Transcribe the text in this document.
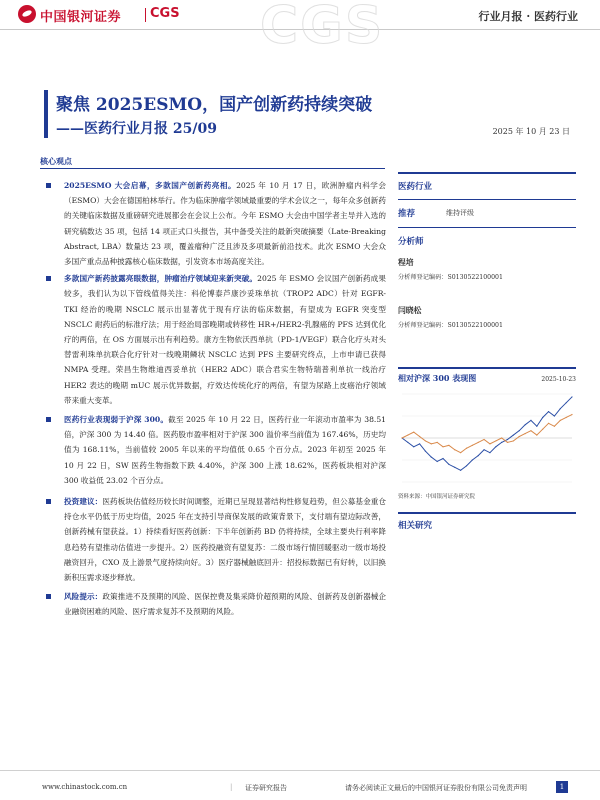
中国银河证券 CGS CGS	行业月报 · 医药行业
聚焦 2025ESMO，国产创新药持续突破
——医药行业月报 25/09	2025 年 10 月 23 日
核心观点
2025ESMO 大会启幕，多款国产创新药亮相。2025 年 10 月 17 日，欧洲肿瘤内科学会（ESMO）大会在德国柏林举行。作为临床肿瘤学领域最重要的学术会议之一，每年众多创新药的关键临床数据及重磅研究进展都会在会议上公布。今年 ESMO 大会由中国学者主导并入选的研究稿数达 35 项，包括 14 项正式口头报告，其中备受关注的最新突破摘要（Late-Breaking Abstract, LBA）数量达 23 项，覆盖瘤种广泛且涉及多项最新前沿技术。此次 ESMO 大会众多国产重点品种披露核心临床数据，引发资本市场高度关注。
多款国产新药披露亮眼数据，肿瘤治疗领域迎来新突破。2025 年 ESMO 会议国产创新药成果较多，我们认为以下管线值得关注：科伦博泰芦康沙妥珠单抗（TROP2 ADC）针对 EGFR-TKI 经治的晚期 NSCLC 展示出显著优于现有疗法的临床数据，有望成为 EGFR 突变型 NSCLC 耐药后的标准疗法；用于经治局部晚期或转移性 HR+/HER2-乳腺癌的 PFS 达到优化疗的两倍，在 OS 方面展示出有利趋势。康方生物依沃西单抗（PD-1/VEGF）联合化疗头对头替雷利珠单抗联合化疗针对一线晚期鳞状 NSCLC 达到 PFS 主要研究终点，上市申请已获得 NMPA 受理。荣昌生物维迪西妥单抗（HER2 ADC）联合君实生物特瑞普利单抗一线治疗 HER2 表达的晚期 mUC 展示优异数据，疗效达传统化疗的两倍，有望为尿路上皮癌治疗领域带来重大变革。
医药行业表现弱于沪深 300。截至 2025 年 10 月 22 日，医药行业一年滚动市盈率为 38.51 倍，沪深 300 为 14.40 倍。医药股市盈率相对于沪深 300 溢价率当前值为 167.46%，历史均值为 168.11%，当前值较 2005 年以来的平均值低 0.65 个百分点。2023 年初至 2025 年 10 月 22 日，SW 医药生物指数下跌 4.40%，沪深 300 上涨 18.62%，医药板块相对沪深 300 收益低 23.02 个百分点。
投资建议：医药板块估值经历较长时间调整，近期已呈现显著结构性修复趋势，但公募基金重仓持仓水平仍低于历史均值，2025 年在支持引导商保发展的政策背景下，支付端有望边际改善，创新药械有望获益。1）持续看好医药创新：下半年创新药 BD 仍将持续，全球主要央行利率降息趋势有望推动估值进一步提升。2）医药投融资有望复苏：二级市场行情回暖驱动一级市场投融资回升，CXO 及上游景气度持续向好。3）医疗器械触底回升：招投标数据已有好转，以旧换新积压需求逐步释放。
风险提示：政策推进不及预期的风险、医保控费及集采降价超预期的风险、创新药及创新器械企业融资困难的风险、医疗需求复苏不及预期的风险。
医药行业
推荐	维持评级
分析师
程培
分析师登记编码：S0130522100001
闫晓松
分析师登记编码：S0130522100001
相对沪深 300 表现图	2025-10-23
资料来源：中国银河证券研究院
相关研究
www.chinastock.com.cn	| 证券研究报告	请务必阅读正文最后的中国银河证券股份有限公司免责声明	1
